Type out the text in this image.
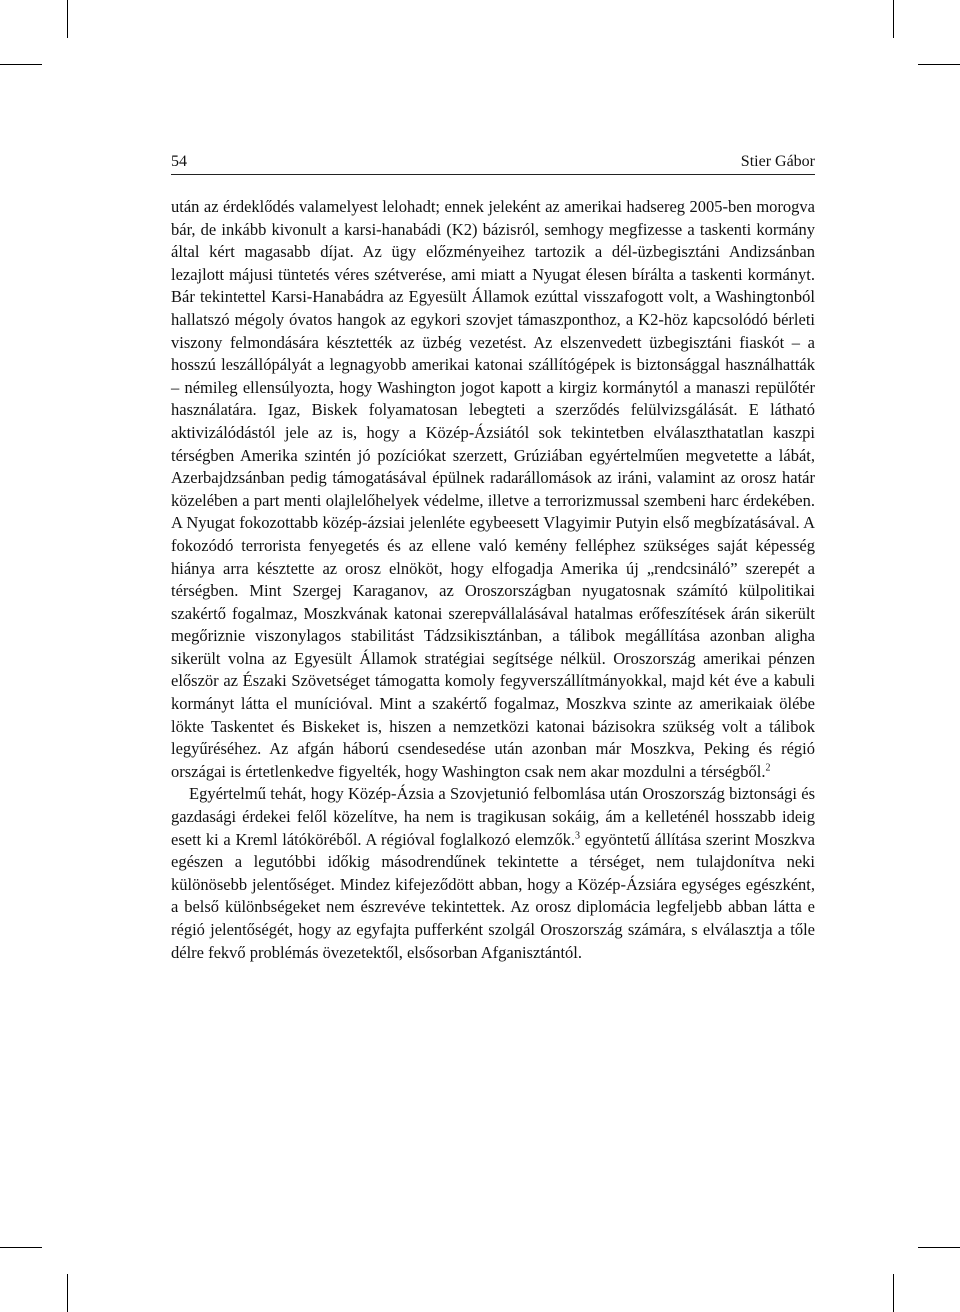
54	Stier Gábor

után az érdeklődés valamelyest lelohadt; ennek jeleként az amerikai hadsereg 2005-ben morogva bár, de inkább kivonult a karsi-hanabádi (K2) bázisról, semhogy megfizesse a taskenti kormány által kért magasabb díjat. Az ügy előzményeihez tartozik a dél-üzbegisztáni Andizsánban lezajlott májusi tüntetés véres szétverése, ami miatt a Nyugat élesen bírálta a taskenti kormányt. Bár tekintettel Karsi-Hanabádra az Egyesült Államok ezúttal visszafogott volt, a Washingtonból hallatszó mégoly óvatos hangok az egykori szovjet támaszponthoz, a K2-höz kapcsolódó bérleti viszony felmondására késztették az üzbég vezetést. Az elszenvedett üzbegisztáni fiaskót – a hosszú leszállópályát a legnagyobb amerikai katonai szállítógépek is biztonsággal használhatták – némileg ellensúlyozta, hogy Washington jogot kapott a kirgiz kormánytól a manaszi repülőtér használatára. Igaz, Biskek folyamatosan lebegteti a szerződés felülvizsgálását. E látható aktivizálódástól jele az is, hogy a Közép-Ázsiától sok tekintetben elválaszthatatlan kaszpi térségben Amerika szintén jó pozíciókat szerzett, Grúziában egyértelműen megvetette a lábát, Azerbajdzsánban pedig támogatásával épülnek radarállomások az iráni, valamint az orosz határ közelében a part menti olajlelőhelyek védelme, illetve a terrorizmussal szembeni harc érdekében. A Nyugat fokozottabb közép-ázsiai jelenléte egybeesett Vlagyimir Putyin első megbízatásával. A fokozódó terrorista fenyegetés és az ellene való kemény felléphez szükséges saját képesség hiánya arra késztette az orosz elnököt, hogy elfogadja Amerika új „rendcsináló” szerepét a térségben. Mint Szergej Karaganov, az Oroszországban nyugatosnak számító külpolitikai szakértő fogalmaz, Moszkvának katonai szerepvállalásával hatalmas erőfeszítések árán sikerült megőriznie viszonylagos stabilitást Tádzsikisztánban, a tálibok megállítása azonban aligha sikerült volna az Egyesült Államok stratégiai segítsége nélkül. Oroszország amerikai pénzen először az Északi Szövetséget támogatta komoly fegyverszállítmányokkal, majd két éve a kabuli kormányt látta el munícióval. Mint a szakértő fogalmaz, Moszkva szinte az amerikaiak ölébe lökte Taskentet és Biskeket is, hiszen a nemzetközi katonai bázisokra szükség volt a tálibok legyűréséhez. Az afgán háború csendesedése után azonban már Moszkva, Peking és régió országai is értetlenkedve figyelték, hogy Washington csak nem akar mozdulni a térségből.$^2$

Egyértelmű tehát, hogy Közép-Ázsia a Szovjetunió felbomlása után Oroszország biztonsági és gazdasági érdekei felől közelítve, ha nem is tragikusan sokáig, ám a kelleténél hosszabb ideig esett ki a Kreml látóköréből. A régióval foglalkozó elemzők.$^3$ egyöntetű állítása szerint Moszkva egészen a legutóbbi időkig másodrendűnek tekintette a térséget, nem tulajdonítva neki különösebb jelentőséget. Mindez kifejeződött abban, hogy a Közép-Ázsiára egységes egészként, a belső különbségeket nem észrevéve tekintettek. Az orosz diplomácia legfeljebb abban látta e régió jelentőségét, hogy az egyfajta pufferként szolgál Oroszország számára, s elválasztja a tőle délre fekvő problémás övezetektől, elsősorban Afganisztántól.
